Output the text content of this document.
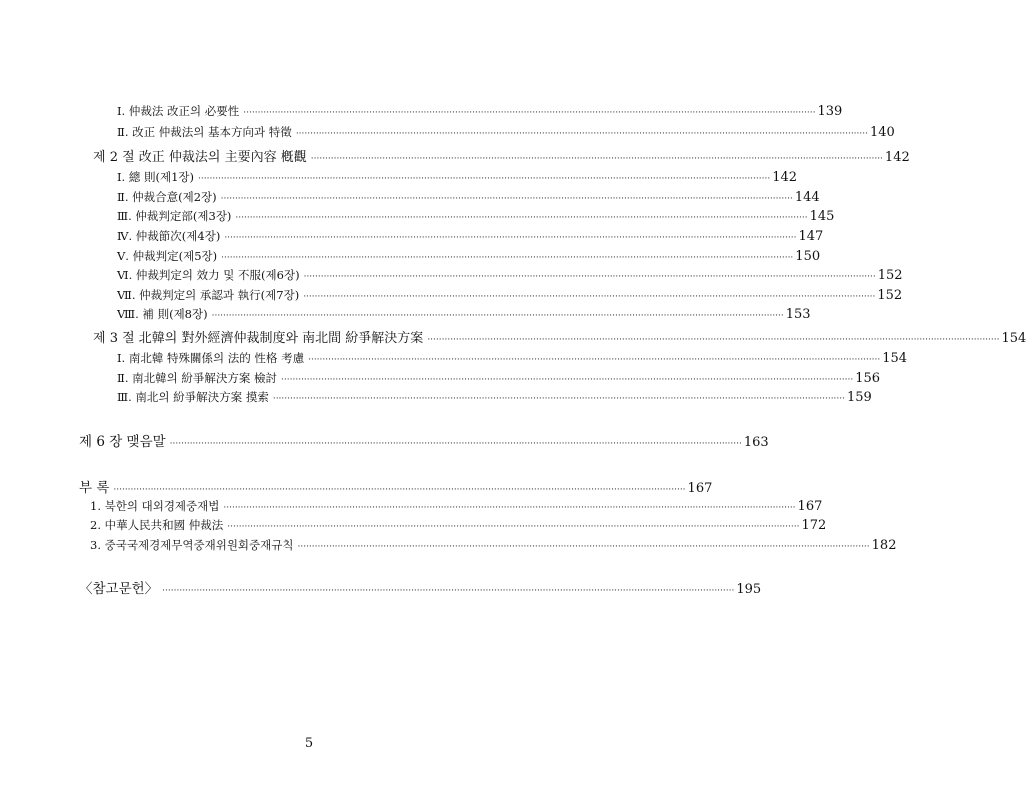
Ⅰ. 仲裁法 改正의 必要性 ········································································································································································································ 139
Ⅱ. 改正 仲裁法의 基本方向과 特徵 ········································································································································································································ 140
제 2 절 改正 仲裁法의 主要內容 槪觀 ········································································································································································································ 142
Ⅰ. 總 則(제1장) ········································································································································································································ 142
Ⅱ. 仲裁合意(제2장) ········································································································································································································ 144
Ⅲ. 仲裁判定部(제3장) ········································································································································································································ 145
Ⅳ. 仲裁節次(제4장) ········································································································································································································ 147
Ⅴ. 仲裁判定(제5장) ········································································································································································································ 150
Ⅵ. 仲裁判定의 效力 및 不服(제6장) ········································································································································································································ 152
Ⅶ. 仲裁判定의 承認과 執行(제7장) ········································································································································································································ 152
Ⅷ. 補 則(제8장) ········································································································································································································ 153
제 3 절 北韓의 對外經濟仲裁制度와 南北間 紛爭解決方案 ········································································································································································································ 154
Ⅰ. 南北韓 特殊關係의 法的 性格 考慮 ········································································································································································································ 154
Ⅱ. 南北韓의 紛爭解決方案 檢討 ········································································································································································································ 156
Ⅲ. 南北의 紛爭解決方案 摸索 ········································································································································································································ 159
제 6 장 맺음말 ········································································································································································································ 163
부 록 ········································································································································································································ 167
1. 북한의 대외경제중재법 ········································································································································································································ 167
2. 中華人民共和國 仲裁法 ········································································································································································································ 172
3. 중국국제경제무역중재위원회중재규칙 ········································································································································································································ 182
〈참고문헌〉 ········································································································································································································ 195
5
